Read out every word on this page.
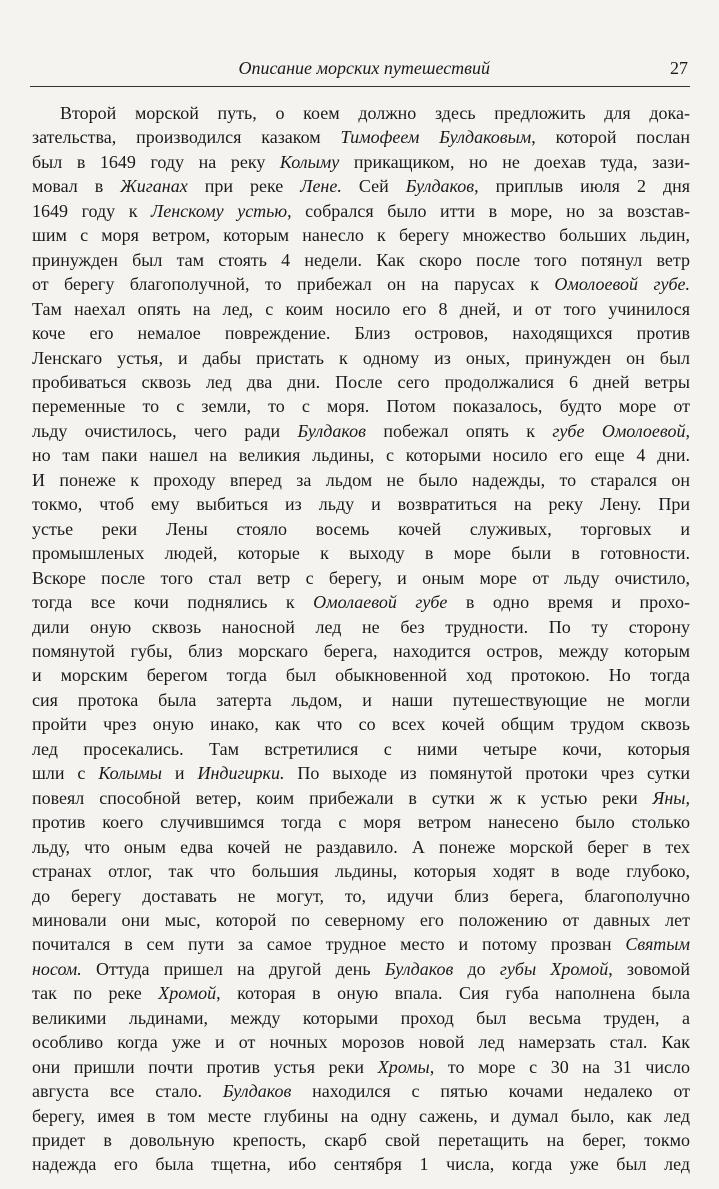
Описание морских путешествий	27
Второй морской путь, о коем должно здесь предложить для дока-
зательства, производился казаком Тимофеем Булдаковым, которой послан
был в 1649 году на реку Колыму прикащиком, но не доехав туда, зази-
мовал в Жиганах при реке Лене. Сей Булдаков, приплыв июля 2 дня
1649 году к Ленскому устью, собрался было итти в море, но за возстав-
шим с моря ветром, которым нанесло к берегу множество больших льдин,
принужден был там стоять 4 недели. Как скоро после того потянул ветр
от берегу благополучной, то прибежал он на парусах к Омолоевой губе.
Там наехал опять на лед, с коим носило его 8 дней, и от того учинилося
коче его немалое повреждение. Близ островов, находящихся против
Ленскаго устья, и дабы пристать к одному из оных, принужден он был
пробиваться сквозь лед два дни. После сего продолжалися 6 дней ветры
переменные то с земли, то с моря. Потом показалось, будто море от
льду очистилось, чего ради Булдаков побежал опять к губе Омолоевой,
но там паки нашел на великия льдины, с которыми носило его еще 4 дни.
И понеже к проходу вперед за льдом не было надежды, то старался он
токмо, чтоб ему выбиться из льду и возвратиться на реку Лену. При
устье реки Лены стояло восемь кочей служивых, торговых и
промышленых людей, которые к выходу в море были в готовности.
Вскоре после того стал ветр с берегу, и оным море от льду очистило,
тогда все кочи поднялись к Омолаевой губе в одно время и прохо-
дили оную сквозь наносной лед не без трудности. По ту сторону
помянутой губы, близ морскаго берега, находится остров, между которым
и морским берегом тогда был обыкновенной ход протокою. Но тогда
сия протока была затерта льдом, и наши путешествующие не могли
пройти чрез оную инако, как что со всех кочей общим трудом сквозь
лед просекались. Там встретилися с ними четыре кочи, которыя
шли с Колымы и Индигирки. По выходе из помянутой протоки чрез сутки
повеял способной ветер, коим прибежали в сутки ж к устью реки Яны,
против коего случившимся тогда с моря ветром нанесено было столько
льду, что оным едва кочей не раздавило. А понеже морской берег в тех
странах отлог, так что большия льдины, которыя ходят в воде глубоко,
до берегу доставать не могут, то, идучи близ берега, благополучно
миновали они мыс, которой по северному его положению от давных лет
почитался в сем пути за самое трудное место и потому прозван Святым
носом. Оттуда пришел на другой день Булдаков до губы Хромой, зовомой
так по реке Хромой, которая в оную впала. Сия губа наполнена была
великими льдинами, между которыми проход был весьма труден, а
особливо когда уже и от ночных морозов новой лед намерзать стал. Как
они пришли почти против устья реки Хромы, то море с 30 на 31 число
августа все стало. Булдаков находился с пятью кочами недалеко от
берегу, имея в том месте глубины на одну сажень, и думал было, как лед
придет в довольную крепость, скарб свой перетащить на берег, токмо
надежда его была тщетна, ибо сентября 1 числа, когда уже был лед
